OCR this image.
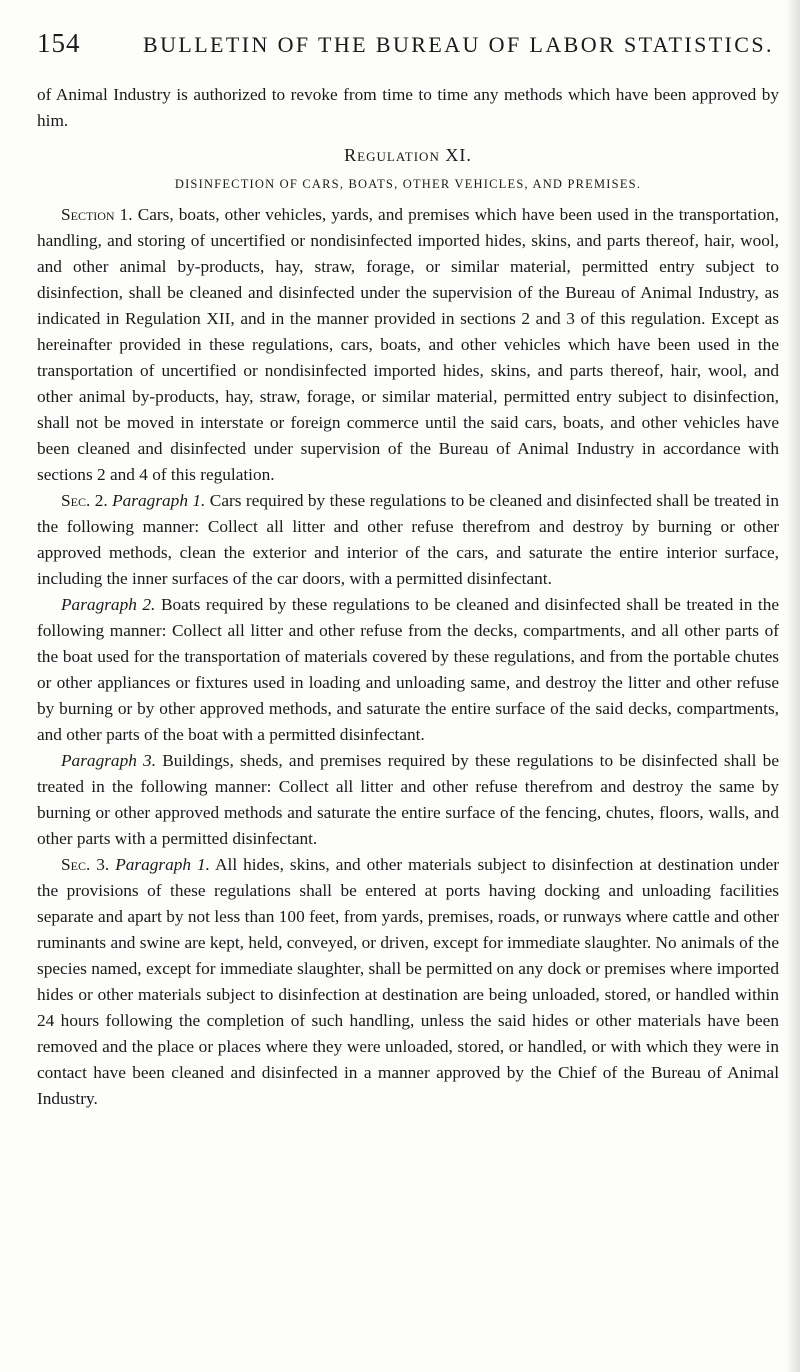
154	BULLETIN OF THE BUREAU OF LABOR STATISTICS.

of Animal Industry is authorized to revoke from time to time any methods which have been approved by him.

Regulation XI.
DISINFECTION OF CARS, BOATS, OTHER VEHICLES, AND PREMISES.

Section 1. Cars, boats, other vehicles, yards, and premises which have been used in the transportation, handling, and storing of uncertified or nondisinfected imported hides, skins, and parts thereof, hair, wool, and other animal by-products, hay, straw, forage, or similar material, permitted entry subject to disinfection, shall be cleaned and disinfected under the supervision of the Bureau of Animal Industry, as indicated in Regulation XII, and in the manner provided in sections 2 and 3 of this regulation. Except as hereinafter provided in these regulations, cars, boats, and other vehicles which have been used in the transportation of uncertified or nondisinfected imported hides, skins, and parts thereof, hair, wool, and other animal by-products, hay, straw, forage, or similar material, permitted entry subject to disinfection, shall not be moved in interstate or foreign commerce until the said cars, boats, and other vehicles have been cleaned and disinfected under supervision of the Bureau of Animal Industry in accordance with sections 2 and 4 of this regulation.

Sec. 2. Paragraph 1. Cars required by these regulations to be cleaned and disinfected shall be treated in the following manner: Collect all litter and other refuse therefrom and destroy by burning or other approved methods, clean the exterior and interior of the cars, and saturate the entire interior surface, including the inner surfaces of the car doors, with a permitted disinfectant.

Paragraph 2. Boats required by these regulations to be cleaned and disinfected shall be treated in the following manner: Collect all litter and other refuse from the decks, compartments, and all other parts of the boat used for the transportation of materials covered by these regulations, and from the portable chutes or other appliances or fixtures used in loading and unloading same, and destroy the litter and other refuse by burning or by other approved methods, and saturate the entire surface of the said decks, compartments, and other parts of the boat with a permitted disinfectant.

Paragraph 3. Buildings, sheds, and premises required by these regulations to be disinfected shall be treated in the following manner: Collect all litter and other refuse therefrom and destroy the same by burning or other approved methods and saturate the entire surface of the fencing, chutes, floors, walls, and other parts with a permitted disinfectant.

Sec. 3. Paragraph 1. All hides, skins, and other materials subject to disinfection at destination under the provisions of these regulations shall be entered at ports having docking and unloading facilities separate and apart by not less than 100 feet, from yards, premises, roads, or runways where cattle and other ruminants and swine are kept, held, conveyed, or driven, except for immediate slaughter. No animals of the species named, except for immediate slaughter, shall be permitted on any dock or premises where imported hides or other materials subject to disinfection at destination are being unloaded, stored, or handled within 24 hours following the completion of such handling, unless the said hides or other materials have been removed and the place or places where they were unloaded, stored, or handled, or with which they were in contact have been cleaned and disinfected in a manner approved by the Chief of the Bureau of Animal Industry.
